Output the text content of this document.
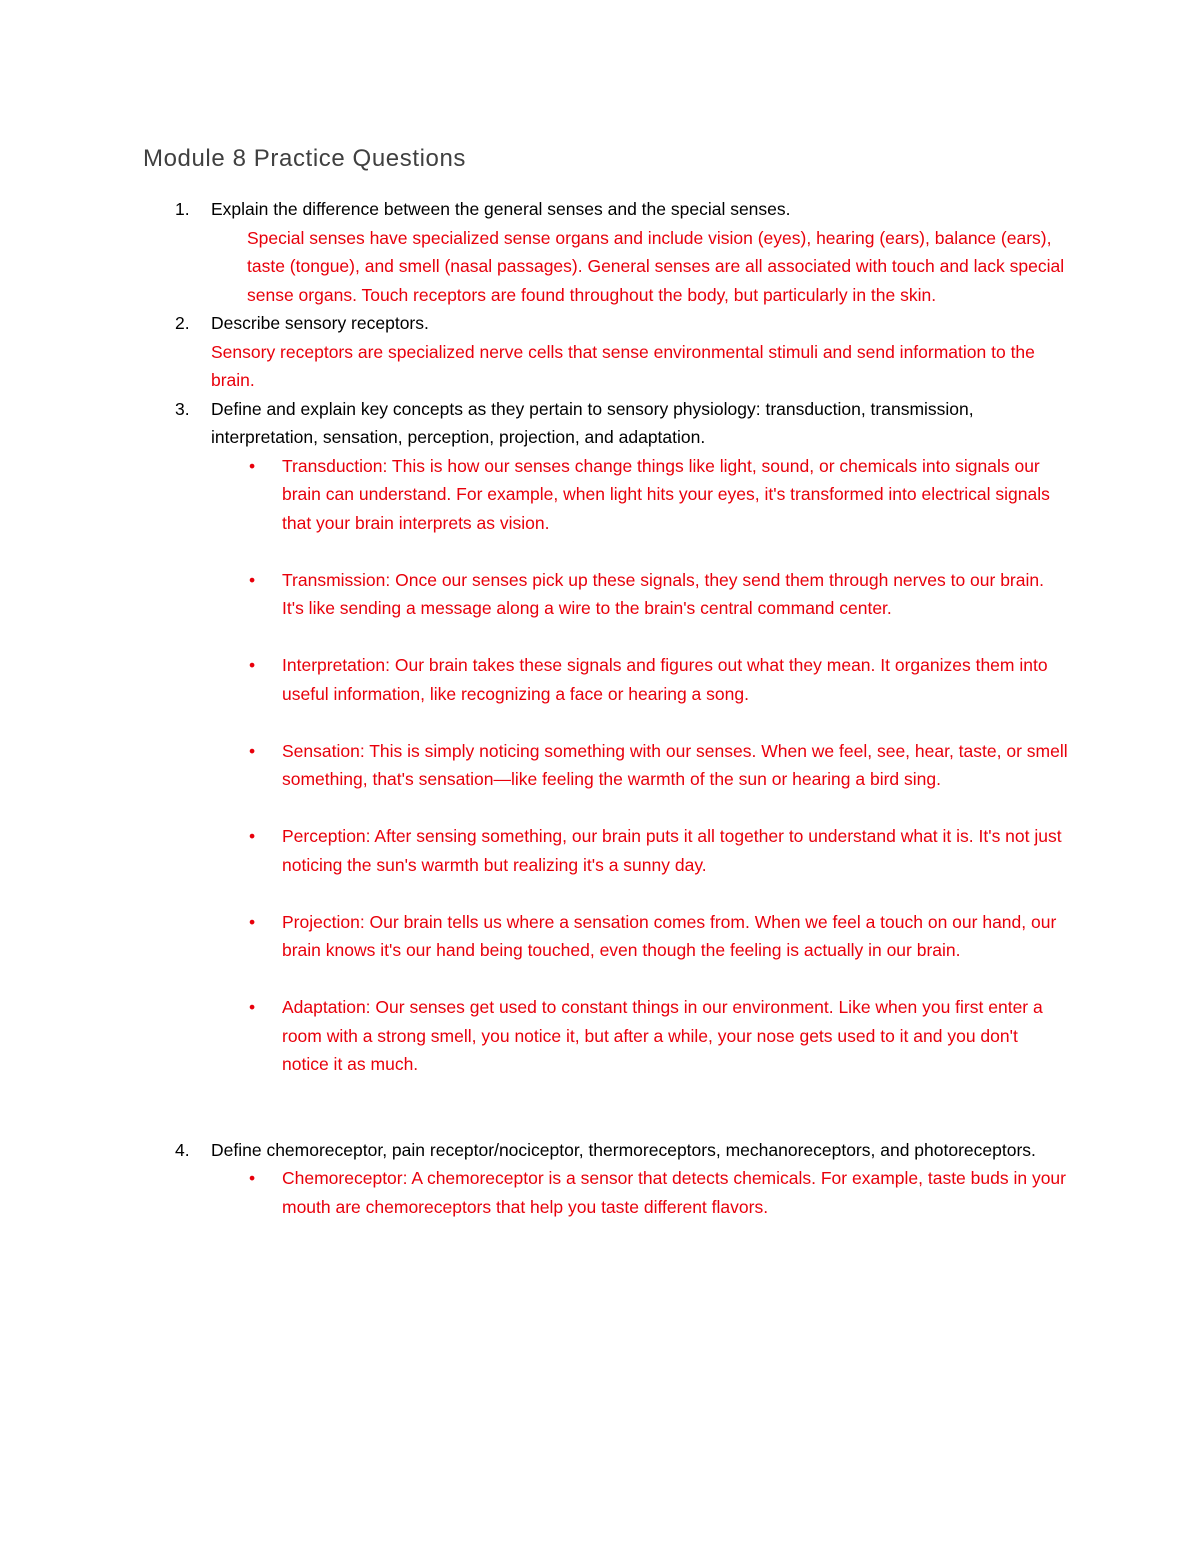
Module 8 Practice Questions
1. Explain the difference between the general senses and the special senses.
Special senses have specialized sense organs and include vision (eyes), hearing (ears), balance (ears), taste (tongue), and smell (nasal passages). General senses are all associated with touch and lack special sense organs. Touch receptors are found throughout the body, but particularly in the skin.
2. Describe sensory receptors.
Sensory receptors are specialized nerve cells that sense environmental stimuli and send information to the brain.
3. Define and explain key concepts as they pertain to sensory physiology: transduction, transmission, interpretation, sensation, perception, projection, and adaptation.
• Transduction: This is how our senses change things like light, sound, or chemicals into signals our brain can understand. For example, when light hits your eyes, it's transformed into electrical signals that your brain interprets as vision.
• Transmission: Once our senses pick up these signals, they send them through nerves to our brain. It's like sending a message along a wire to the brain's central command center.
• Interpretation: Our brain takes these signals and figures out what they mean. It organizes them into useful information, like recognizing a face or hearing a song.
• Sensation: This is simply noticing something with our senses. When we feel, see, hear, taste, or smell something, that's sensation—like feeling the warmth of the sun or hearing a bird sing.
• Perception: After sensing something, our brain puts it all together to understand what it is. It's not just noticing the sun's warmth but realizing it's a sunny day.
• Projection: Our brain tells us where a sensation comes from. When we feel a touch on our hand, our brain knows it's our hand being touched, even though the feeling is actually in our brain.
• Adaptation: Our senses get used to constant things in our environment. Like when you first enter a room with a strong smell, you notice it, but after a while, your nose gets used to it and you don't notice it as much.
4. Define chemoreceptor, pain receptor/nociceptor, thermoreceptors, mechanoreceptors, and photoreceptors.
• Chemoreceptor: A chemoreceptor is a sensor that detects chemicals. For example, taste buds in your mouth are chemoreceptors that help you taste different flavors.
